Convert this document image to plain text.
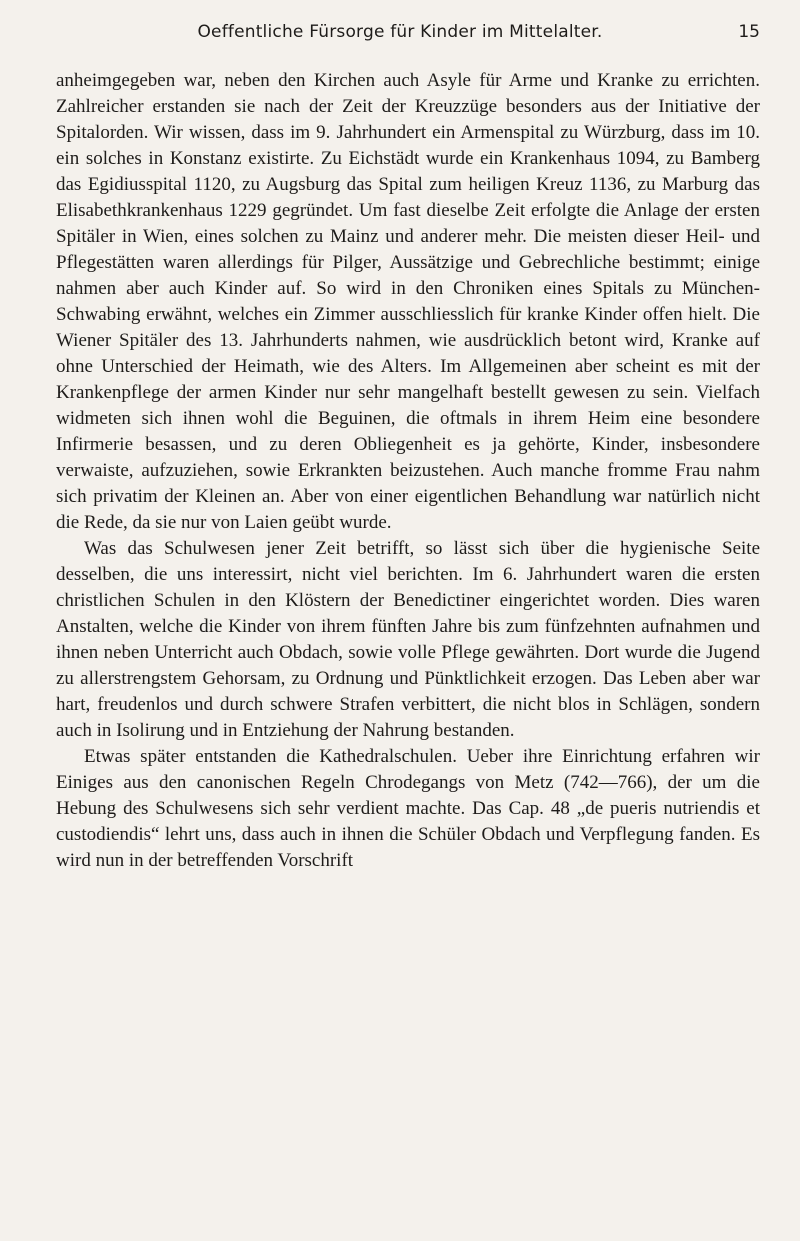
Oeffentliche Fürsorge für Kinder im Mittelalter.	15

anheimgegeben war, neben den Kirchen auch Asyle für Arme und Kranke zu errichten. Zahlreicher erstanden sie nach der Zeit der Kreuzzüge besonders aus der Initiative der Spitalorden. Wir wissen, dass im 9. Jahrhundert ein Armenspital zu Würzburg, dass im 10. ein solches in Konstanz existirte. Zu Eichstädt wurde ein Krankenhaus 1094, zu Bamberg das Egidiusspital 1120, zu Augsburg das Spital zum heiligen Kreuz 1136, zu Marburg das Elisabethkrankenhaus 1229 gegründet. Um fast dieselbe Zeit erfolgte die Anlage der ersten Spitäler in Wien, eines solchen zu Mainz und anderer mehr. Die meisten dieser Heil- und Pflegestätten waren allerdings für Pilger, Aussätzige und Gebrechliche bestimmt; einige nahmen aber auch Kinder auf. So wird in den Chroniken eines Spitals zu München-Schwabing erwähnt, welches ein Zimmer ausschliesslich für kranke Kinder offen hielt. Die Wiener Spitäler des 13. Jahrhunderts nahmen, wie ausdrücklich betont wird, Kranke auf ohne Unterschied der Heimath, wie des Alters. Im Allgemeinen aber scheint es mit der Krankenpflege der armen Kinder nur sehr mangelhaft bestellt gewesen zu sein. Vielfach widmeten sich ihnen wohl die Beguinen, die oftmals in ihrem Heim eine besondere Infirmerie besassen, und zu deren Obliegenheit es ja gehörte, Kinder, insbesondere verwaiste, aufzuziehen, sowie Erkrankten beizustehen. Auch manche fromme Frau nahm sich privatim der Kleinen an. Aber von einer eigentlichen Behandlung war natürlich nicht die Rede, da sie nur von Laien geübt wurde.

Was das Schulwesen jener Zeit betrifft, so lässt sich über die hygienische Seite desselben, die uns interessirt, nicht viel berichten. Im 6. Jahrhundert waren die ersten christlichen Schulen in den Klöstern der Benedictiner eingerichtet worden. Dies waren Anstalten, welche die Kinder von ihrem fünften Jahre bis zum fünfzehnten aufnahmen und ihnen neben Unterricht auch Obdach, sowie volle Pflege gewährten. Dort wurde die Jugend zu allerstrengstem Gehorsam, zu Ordnung und Pünktlichkeit erzogen. Das Leben aber war hart, freudenlos und durch schwere Strafen verbittert, die nicht blos in Schlägen, sondern auch in Isolirung und in Entziehung der Nahrung bestanden.

Etwas später entstanden die Kathedralschulen. Ueber ihre Einrichtung erfahren wir Einiges aus den canonischen Regeln Chrodegangs von Metz (742—766), der um die Hebung des Schulwesens sich sehr verdient machte. Das Cap. 48 „de pueris nutriendis et custodiendis“ lehrt uns, dass auch in ihnen die Schüler Obdach und Verpflegung fanden. Es wird nun in der betreffenden Vorschrift
